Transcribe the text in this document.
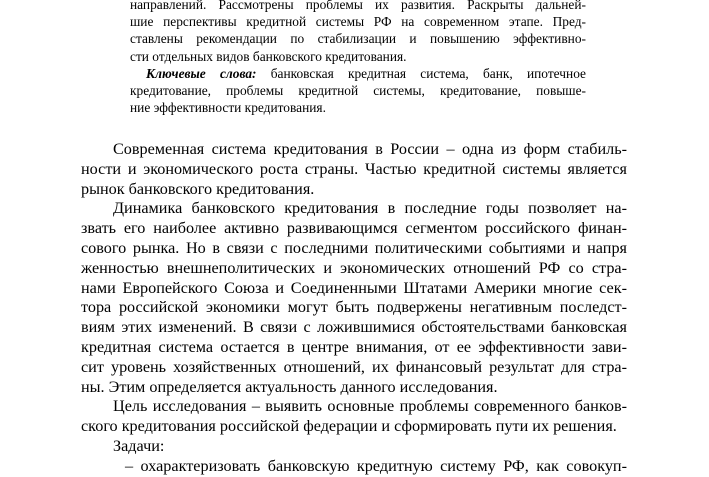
направлений. Рассмотрены проблемы их развития. Раскрыты дальней-
шие перспективы кредитной системы РФ на современном этапе. Пред-
ставлены рекомендации по стабилизации и повышению эффективно-
сти отдельных видов банковского кредитования.
Ключевые слова: банковская кредитная система, банк, ипотечное
кредитование, проблемы кредитной системы, кредитование, повыше-
ние эффективности кредитования.
Современная система кредитования в России – одна из форм стабиль-
ности и экономического роста страны. Частью кредитной системы является
рынок банковского кредитования.
Динамика банковского кредитования в последние годы позволяет на-
звать его наиболее активно развивающимся сегментом российского финан-
сового рынка. Но в связи с последними политическими событиями и напря
женностью внешнеполитических и экономических отношений РФ со стра-
нами Европейского Союза и Соединенными Штатами Америки многие сек-
тора российской экономики могут быть подвержены негативным последст-
виям этих изменений. В связи с ложившимися обстоятельствами банковская
кредитная система остается в центре внимания, от ее эффективности зави-
сит уровень хозяйственных отношений, их финансовый результат для стра-
ны. Этим определяется актуальность данного исследования.
Цель исследования – выявить основные проблемы современного банков-
ского кредитования российской федерации и сформировать пути их решения.
Задачи:
– охарактеризовать банковскую кредитную систему РФ, как совокуп-
